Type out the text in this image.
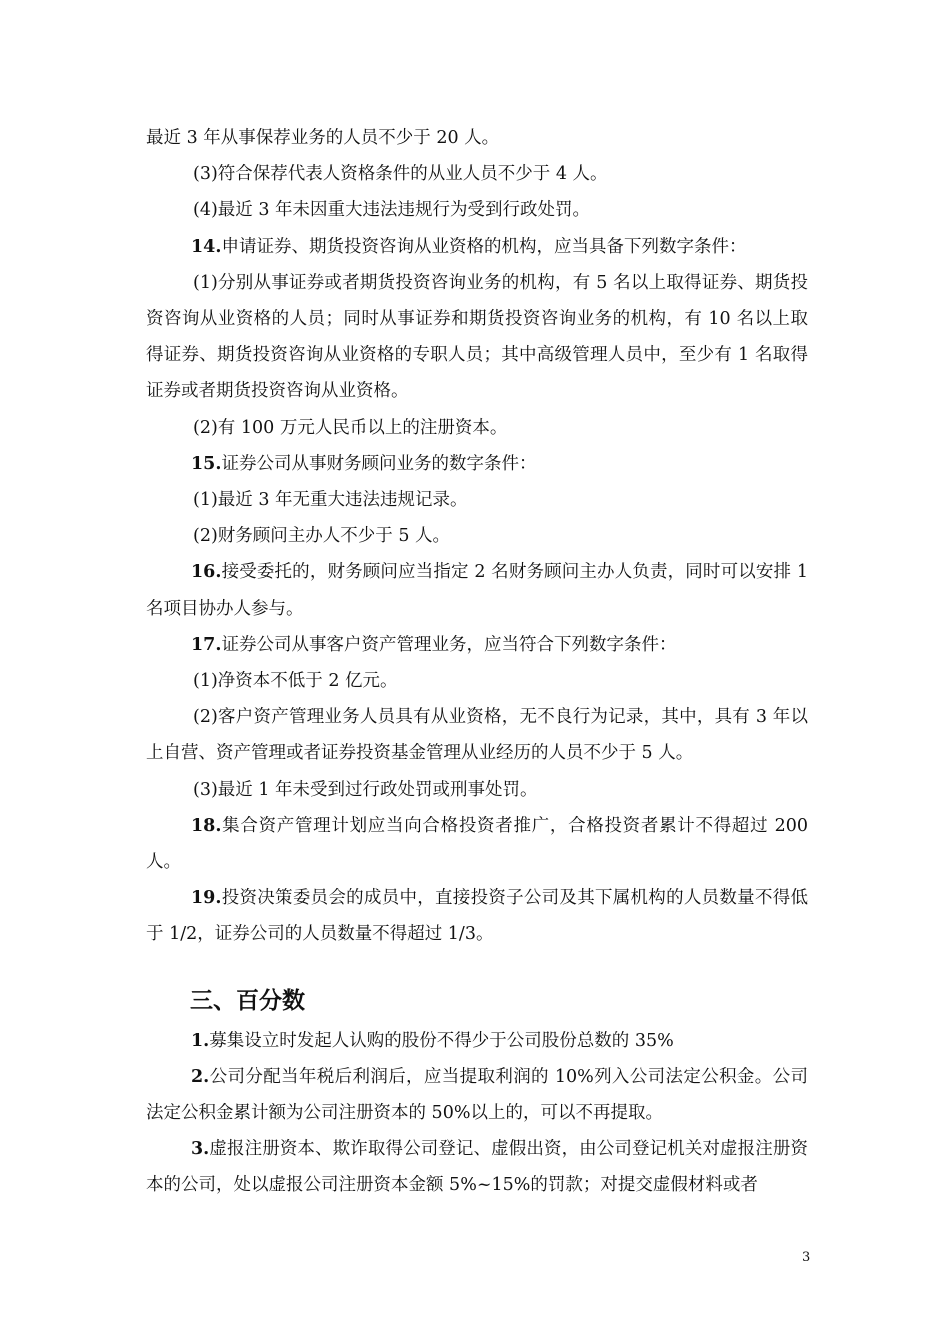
最近 3 年从事保荐业务的人员不少于 20 人。

(3)符合保荐代表人资格条件的从业人员不少于 4 人。

(4)最近 3 年未因重大违法违规行为受到行政处罚。

14.申请证券、期货投资咨询从业资格的机构，应当具备下列数字条件：

(1)分别从事证券或者期货投资咨询业务的机构，有 5 名以上取得证券、期货投资咨询从业资格的人员；同时从事证券和期货投资咨询业务的机构，有 10 名以上取得证券、期货投资咨询从业资格的专职人员；其中高级管理人员中，至少有 1 名取得证券或者期货投资咨询从业资格。

(2)有 100 万元人民币以上的注册资本。

15.证券公司从事财务顾问业务的数字条件：

(1)最近 3 年无重大违法违规记录。

(2)财务顾问主办人不少于 5 人。

16.接受委托的，财务顾问应当指定 2 名财务顾问主办人负责，同时可以安排 1 名项目协办人参与。

17.证券公司从事客户资产管理业务，应当符合下列数字条件：

(1)净资本不低于 2 亿元。

(2)客户资产管理业务人员具有从业资格，无不良行为记录，其中，具有 3 年以上自营、资产管理或者证券投资基金管理从业经历的人员不少于 5 人。

(3)最近 1 年未受到过行政处罚或刑事处罚。

18.集合资产管理计划应当向合格投资者推广，合格投资者累计不得超过 200 人。

19.投资决策委员会的成员中，直接投资子公司及其下属机构的人员数量不得低于 1/2，证券公司的人员数量不得超过 1/3。

三、百分数

1.募集设立时发起人认购的股份不得少于公司股份总数的 35%

2.公司分配当年税后利润后，应当提取利润的 10%列入公司法定公积金。公司法定公积金累计额为公司注册资本的 50%以上的，可以不再提取。

3.虚报注册资本、欺诈取得公司登记、虚假出资，由公司登记机关对虚报注册资本的公司，处以虚报公司注册资本金额 5%~15%的罚款；对提交虚假材料或者

3
